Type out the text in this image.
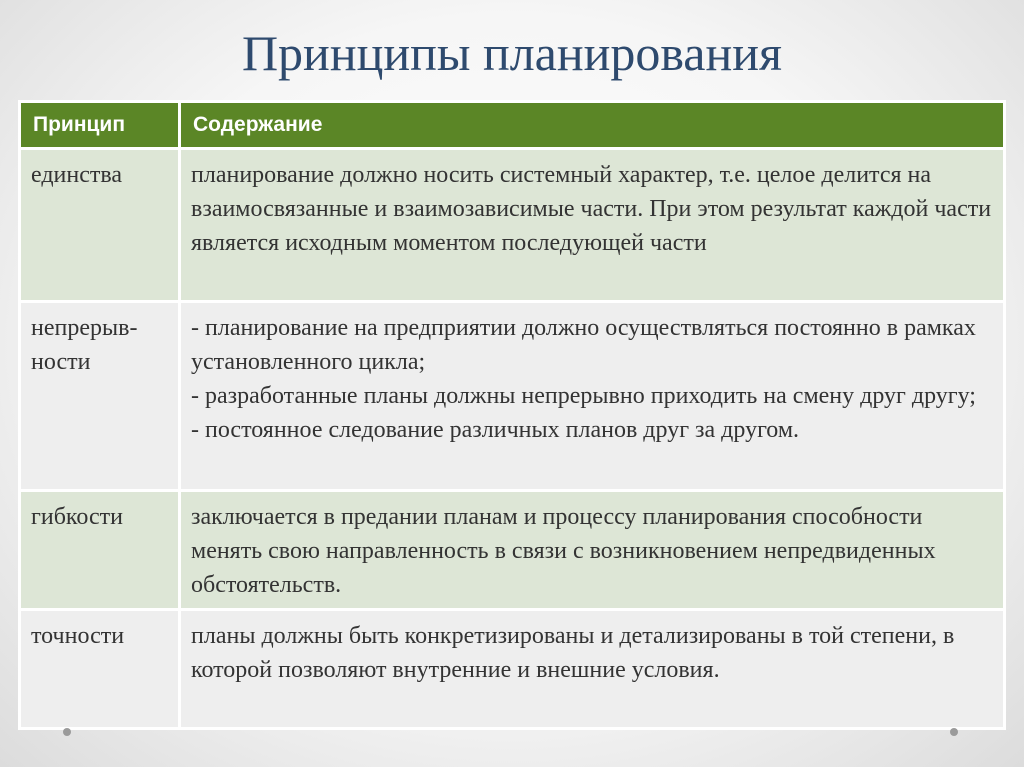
Принципы планирования
Принцип	Содержание
единства	планирование должно носить системный характер, т.е. целое делится на взаимосвязанные и взаимозависимые части. При этом результат каждой части является исходным моментом последующей части
непрерыв-ности	- планирование на предприятии должно осуществляться постоянно в рамках установленного цикла;
- разработанные планы должны непрерывно приходить на смену друг другу;
- постоянное следование различных планов друг за другом.
гибкости	заключается в предании планам и процессу планирования способности менять свою направленность в связи с возникновением непредвиденных обстоятельств.
точности	планы должны быть конкретизированы и детализированы в той степени, в которой позволяют внутренние и внешние условия.
